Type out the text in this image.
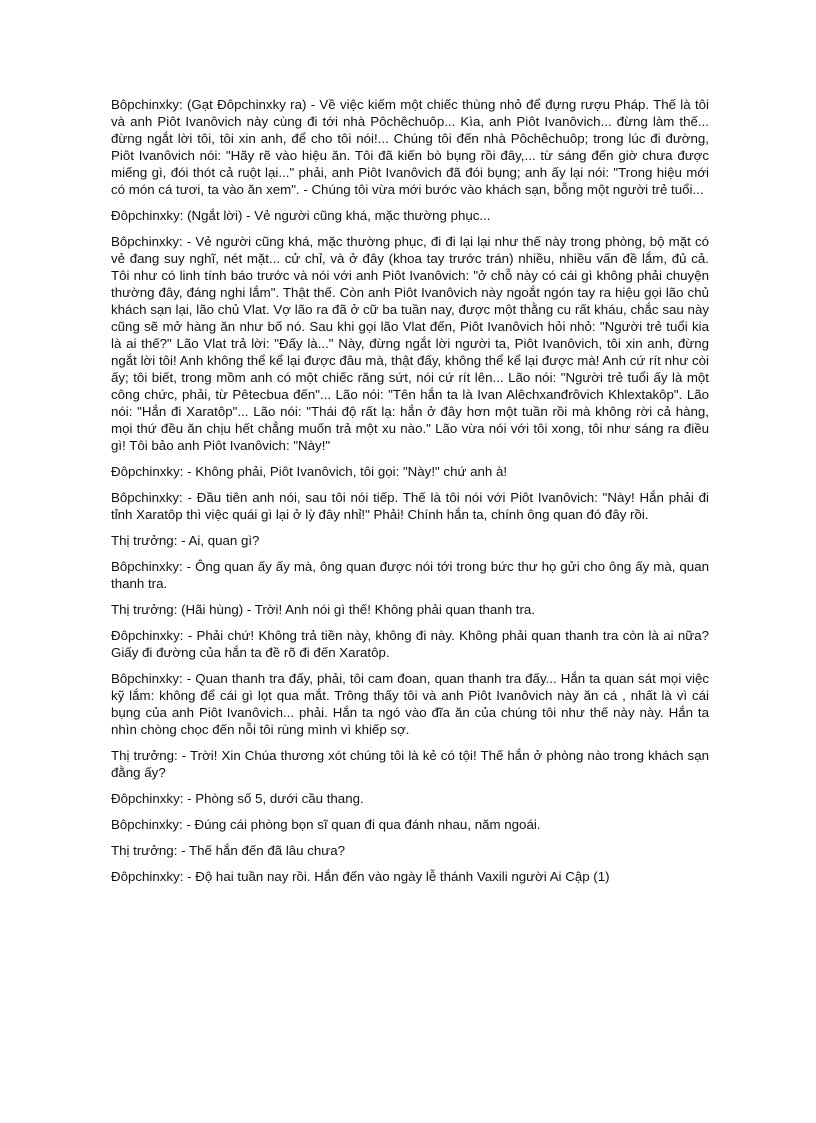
Bôpchinxky: (Gạt Đôpchinxky ra) - Về việc kiếm một chiếc thùng nhỏ để đựng rượu Pháp. Thế là tôi và anh Piôt Ivanôvich này cùng đi tới nhà Pôchêchuôp... Kìa, anh Piôt Ivanôvich... đừng làm thế... đừng ngắt lời tôi, tôi xin anh, để cho tôi nói!... Chúng tôi đến nhà Pôchêchuôp; trong lúc đi đường, Piôt Ivanôvich nói: "Hãy rẽ vào hiệu ăn. Tôi đã kiến bò bụng rồi đây,... từ sáng đến giờ chưa được miếng gì, đói thót cả ruột lại..." phải, anh Piôt Ivanôvich đã đói bụng; anh ấy lại nói: "Trong hiệu mới có món cá tươi, ta vào ăn xem". - Chúng tôi vừa mới bước vào khách sạn, bỗng một người trẻ tuổi...

Đôpchinxky: (Ngắt lời) - Vẻ người cũng khá, mặc thường phục...

Bôpchinxky: - Vẻ người cũng khá, mặc thường phục, đi đi lại lại như thế này trong phòng, bộ mặt có vẻ đang suy nghĩ, nét mặt... cử chỉ, và ở đây (khoa tay trước trán) nhiều, nhiều vấn đề lắm, đủ cả. Tôi như có linh tính báo trước và nói với anh Piôt Ivanôvich: "ở chỗ này có cái gì không phải chuyện thường đây, đáng nghi lắm". Thật thế. Còn anh Piôt Ivanôvich này ngoắt ngón tay ra hiệu gọi lão chủ khách sạn lại, lão chủ Vlat. Vợ lão ra đã ở cữ ba tuần nay, được một thằng cu rất kháu, chắc sau này cũng sẽ mở hàng ăn như bố nó. Sau khi gọi lão Vlat đến, Piôt Ivanôvich hỏi nhỏ: "Người trẻ tuổi kia là ai thế?" Lão Vlat trả lời: "Đấy là..." Này, đừng ngắt lời người ta, Piôt Ivanôvich, tôi xin anh, đừng ngắt lời tôi! Anh không thể kể lại được đâu mà, thật đấy, không thể kể lại được mà! Anh cứ rít như còi ấy; tôi biết, trong mồm anh có một chiếc răng sứt, nói cứ rít lên... Lão nói: "Người trẻ tuổi ấy là một công chức, phải, từ Pêtecbua đến"... Lão nói: "Tên hắn ta là Ivan Alêchxanđrôvich Khlextakôp". Lão nói: "Hắn đi Xaratôp"... Lão nói: "Thái độ rất lạ: hắn ở đây hơn một tuần rồi mà không rời cả hàng, mọi thứ đều ăn chịu hết chẳng muốn trả một xu nào." Lão vừa nói với tôi xong, tôi như sáng ra điều gì! Tôi bảo anh Piôt Ivanôvich: "Này!"

Đôpchinxky: - Không phải, Piôt Ivanôvich, tôi gọi: "Này!" chứ anh à!

Bôpchinxky: - Đầu tiên anh nói, sau tôi nói tiếp. Thế là tôi nói với Piôt Ivanôvich: "Này! Hắn phải đi tỉnh Xaratôp thì việc quái gì lại ở lỳ đây nhỉ!" Phải! Chính hắn ta, chính ông quan đó đây rồi.

Thị trưởng: - Ai, quan gì?

Bôpchinxky: - Ông quan ấy ấy mà, ông quan được nói tới trong bức thư họ gửi cho ông ấy mà, quan thanh tra.

Thị trưởng: (Hãi hùng) - Trời! Anh nói gì thế! Không phải quan thanh tra.

Đôpchinxky: - Phải chứ! Không trả tiền này, không đi này. Không phải quan thanh tra còn là ai nữa? Giấy đi đường của hắn ta đề rõ đi đến Xaratôp.

Bôpchinxky: - Quan thanh tra đấy, phải, tôi cam đoan, quan thanh tra đấy... Hắn ta quan sát mọi việc kỹ lắm: không để cái gì lọt qua mắt. Trông thấy tôi và anh Piôt Ivanôvich này ăn cá , nhất là vì cái bụng của anh Piôt Ivanôvich... phải. Hắn ta ngó vào đĩa ăn của chúng tôi như thế này này. Hắn ta nhìn chòng chọc đến nỗi tôi rùng mình vì khiếp sợ.

Thị trưởng: - Trời! Xin Chúa thương xót chúng tôi là kẻ có tội! Thế hắn ở phòng nào trong khách sạn đằng ấy?

Đôpchinxky: - Phòng số 5, dưới cầu thang.

Bôpchinxky: - Đúng cái phòng bọn sĩ quan đi qua đánh nhau, năm ngoái.

Thị trưởng: - Thế hắn đến đã lâu chưa?

Đôpchinxky: - Độ hai tuần nay rồi. Hắn đến vào ngày lễ thánh Vaxili người Ai Cập (1)
